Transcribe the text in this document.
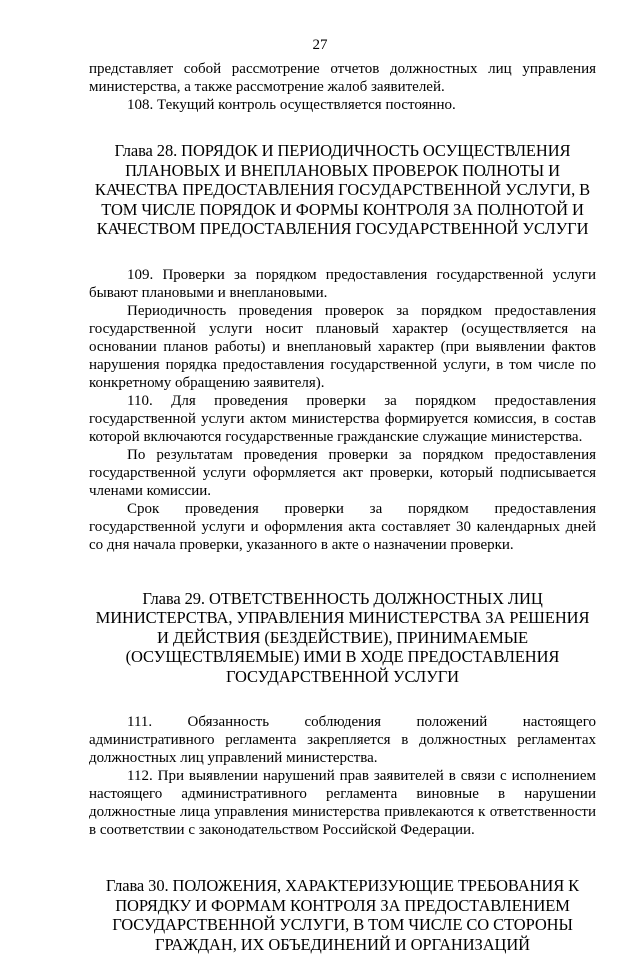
27

представляет собой рассмотрение отчетов должностных лиц управления министерства, а также рассмотрение жалоб заявителей.

108. Текущий контроль осуществляется постоянно.

Глава 28. ПОРЯДОК И ПЕРИОДИЧНОСТЬ ОСУЩЕСТВЛЕНИЯ ПЛАНОВЫХ И ВНЕПЛАНОВЫХ ПРОВЕРОК ПОЛНОТЫ И КАЧЕСТВА ПРЕДОСТАВЛЕНИЯ ГОСУДАРСТВЕННОЙ УСЛУГИ, В ТОМ ЧИСЛЕ ПОРЯДОК И ФОРМЫ КОНТРОЛЯ ЗА ПОЛНОТОЙ И КАЧЕСТВОМ ПРЕДОСТАВЛЕНИЯ ГОСУДАРСТВЕННОЙ УСЛУГИ

109. Проверки за порядком предоставления государственной услуги бывают плановыми и внеплановыми.

Периодичность проведения проверок за порядком предоставления государственной услуги носит плановый характер (осуществляется на основании планов работы) и внеплановый характер (при выявлении фактов нарушения порядка предоставления государственной услуги, в том числе по конкретному обращению заявителя).

110. Для проведения проверки за порядком предоставления государственной услуги актом министерства формируется комиссия, в состав которой включаются государственные гражданские служащие министерства.

По результатам проведения проверки за порядком предоставления государственной услуги оформляется акт проверки, который подписывается членами комиссии.

Срок проведения проверки за порядком предоставления государственной услуги и оформления акта составляет 30 календарных дней со дня начала проверки, указанного в акте о назначении проверки.

Глава 29. ОТВЕТСТВЕННОСТЬ ДОЛЖНОСТНЫХ ЛИЦ МИНИСТЕРСТВА, УПРАВЛЕНИЯ МИНИСТЕРСТВА ЗА РЕШЕНИЯ И ДЕЙСТВИЯ (БЕЗДЕЙСТВИЕ), ПРИНИМАЕМЫЕ (ОСУЩЕСТВЛЯЕМЫЕ) ИМИ В ХОДЕ ПРЕДОСТАВЛЕНИЯ ГОСУДАРСТВЕННОЙ УСЛУГИ

111. Обязанность соблюдения положений настоящего административного регламента закрепляется в должностных регламентах должностных лиц управлений министерства.

112. При выявлении нарушений прав заявителей в связи с исполнением настоящего административного регламента виновные в нарушении должностные лица управления министерства привлекаются к ответственности в соответствии с законодательством Российской Федерации.

Глава 30. ПОЛОЖЕНИЯ, ХАРАКТЕРИЗУЮЩИЕ ТРЕБОВАНИЯ К ПОРЯДКУ И ФОРМАМ КОНТРОЛЯ ЗА ПРЕДОСТАВЛЕНИЕМ ГОСУДАРСТВЕННОЙ УСЛУГИ, В ТОМ ЧИСЛЕ СО СТОРОНЫ ГРАЖДАН, ИХ ОБЪЕДИНЕНИЙ И ОРГАНИЗАЦИЙ
